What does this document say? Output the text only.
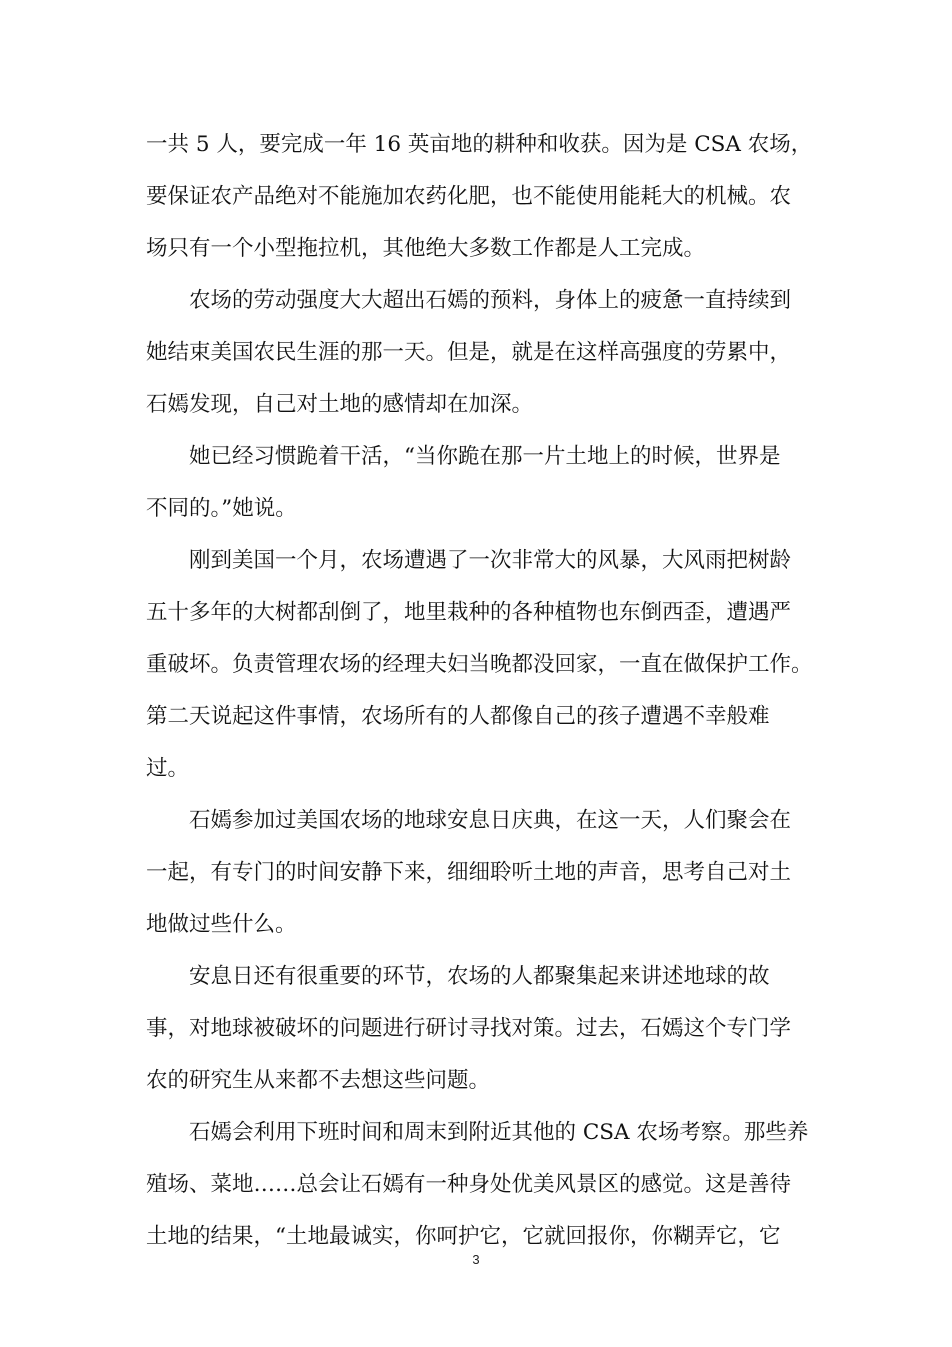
一共 5 人，要完成一年 16 英亩地的耕种和收获。因为是 CSA 农场，
要保证农产品绝对不能施加农药化肥，也不能使用能耗大的机械。农
场只有一个小型拖拉机，其他绝大多数工作都是人工完成。
农场的劳动强度大大超出石嫣的预料，身体上的疲惫一直持续到
她结束美国农民生涯的那一天。但是，就是在这样高强度的劳累中，
石嫣发现，自己对土地的感情却在加深。
她已经习惯跪着干活，“当你跪在那一片土地上的时候，世界是
不同的。”她说。
刚到美国一个月，农场遭遇了一次非常大的风暴，大风雨把树龄
五十多年的大树都刮倒了，地里栽种的各种植物也东倒西歪，遭遇严
重破坏。负责管理农场的经理夫妇当晚都没回家，一直在做保护工作。
第二天说起这件事情，农场所有的人都像自己的孩子遭遇不幸般难
过。
石嫣参加过美国农场的地球安息日庆典，在这一天，人们聚会在
一起，有专门的时间安静下来，细细聆听土地的声音，思考自己对土
地做过些什么。
安息日还有很重要的环节，农场的人都聚集起来讲述地球的故
事，对地球被破坏的问题进行研讨寻找对策。过去，石嫣这个专门学
农的研究生从来都不去想这些问题。
石嫣会利用下班时间和周末到附近其他的 CSA 农场考察。那些养
殖场、菜地……总会让石嫣有一种身处优美风景区的感觉。这是善待
土地的结果，“土地最诚实，你呵护它，它就回报你，你糊弄它，它
3
